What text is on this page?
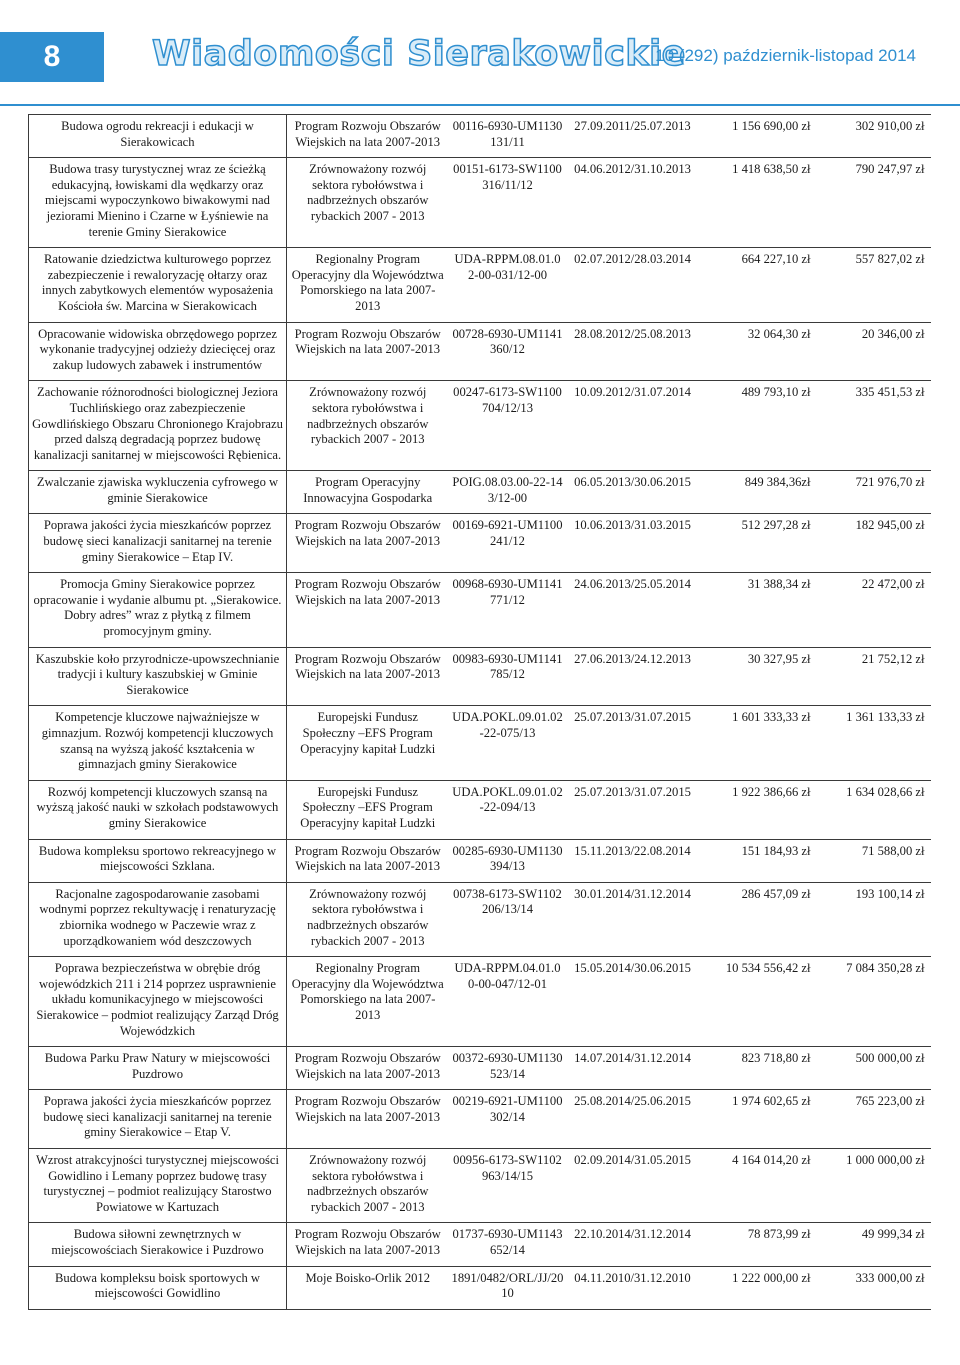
8	Wiadomości Sierakowickie
10 (292) październik-listopad 2014
Budowa ogrodu rekreacji i edukacji w Sierakowicach	Program Rozwoju Obszarów Wiejskich na lata 2007-2013	00116-6930-UM1130131/11	27.09.2011/25.07.2013	1 156 690,00 zł	302 910,00 zł
Budowa trasy turystycznej wraz ze ścieżką edukacyjną, łowiskami dla wędkarzy oraz miejscami wypoczynkowo biwakowymi nad jeziorami Mienino i Czarne w Łyśniewie na terenie Gminy Sierakowice	Zrównoważony rozwój sektora rybołówstwa i nadbrzeżnych obszarów rybackich 2007 - 2013	00151-6173-SW1100316/11/12	04.06.2012/31.10.2013	1 418 638,50 zł	790 247,97 zł
Ratowanie dziedzictwa kulturowego poprzez zabezpieczenie i rewaloryzację ołtarzy oraz innych zabytkowych elementów wyposażenia Kościoła św. Marcina w Sierakowicach	Regionalny Program Operacyjny dla Województwa Pomorskiego na lata 2007-2013	UDA-RPPM.08.01.02-00-031/12-00	02.07.2012/28.03.2014	664 227,10 zł	557 827,02 zł
Opracowanie widowiska obrzędowego poprzez wykonanie tradycyjnej odzieży dziecięcej oraz zakup ludowych zabawek i instrumentów	Program Rozwoju Obszarów Wiejskich na lata 2007-2013	00728-6930-UM1141360/12	28.08.2012/25.08.2013	32 064,30 zł	20 346,00 zł
Zachowanie różnorodności biologicznej Jeziora Tuchlińskiego oraz zabezpieczenie Gowdlińskiego Obszaru Chronionego Krajobrazu przed dalszą degradacją poprzez budowę kanalizacji sanitarnej w miejscowości Rębienica.	Zrównoważony rozwój sektora rybołówstwa i nadbrzeżnych obszarów rybackich 2007 - 2013	00247-6173-SW1100704/12/13	10.09.2012/31.07.2014	489 793,10 zł	335 451,53 zł
Zwalczanie zjawiska wykluczenia cyfrowego w gminie Sierakowice	Program Operacyjny Innowacyjna Gospodarka	POIG.08.03.00-22-143/12-00	06.05.2013/30.06.2015	849 384,36zł	721 976,70 zł
Poprawa jakości życia mieszkańców poprzez budowę sieci kanalizacji sanitarnej na terenie gminy Sierakowice – Etap IV.	Program Rozwoju Obszarów Wiejskich na lata 2007-2013	00169-6921-UM1100241/12	10.06.2013/31.03.2015	512 297,28 zł	182 945,00 zł
Promocja Gminy Sierakowice poprzez opracowanie i wydanie albumu pt. „Sierakowice. Dobry adres” wraz z płytką z filmem promocyjnym gminy.	Program Rozwoju Obszarów Wiejskich na lata 2007-2013	00968-6930-UM1141771/12	24.06.2013/25.05.2014	31 388,34 zł	22 472,00 zł
Kaszubskie koło przyrodnicze-upowszechnianie tradycji i kultury kaszubskiej w Gminie Sierakowice	Program Rozwoju Obszarów Wiejskich na lata 2007-2013	00983-6930-UM1141785/12	27.06.2013/24.12.2013	30 327,95 zł	21 752,12 zł
Kompetencje kluczowe najważniejsze w gimnazjum. Rozwój kompetencji kluczowych szansą na wyższą jakość kształcenia w gimnazjach gminy Sierakowice	Europejski Fundusz Społeczny –EFS Program Operacyjny kapitał Ludzki	UDA.POKL.09.01.02-22-075/13	25.07.2013/31.07.2015	1 601 333,33 zł	1 361 133,33 zł
Rozwój kompetencji kluczowych szansą na wyższą jakość nauki w szkołach podstawowych gminy Sierakowice	Europejski Fundusz Społeczny –EFS Program Operacyjny kapitał Ludzki	UDA.POKL.09.01.02-22-094/13	25.07.2013/31.07.2015	1 922 386,66 zł	1 634 028,66 zł
Budowa kompleksu sportowo rekreacyjnego w miejscowości Szklana.	Program Rozwoju Obszarów Wiejskich na lata 2007-2013	00285-6930-UM1130394/13	15.11.2013/22.08.2014	151 184,93 zł	71 588,00 zł
Racjonalne zagospodarowanie zasobami wodnymi poprzez rekultywację i renaturyzację zbiornika wodnego w Paczewie wraz z uporządkowaniem wód deszczowych	Zrównoważony rozwój sektora rybołówstwa i nadbrzeżnych obszarów rybackich 2007 - 2013	00738-6173-SW1102206/13/14	30.01.2014/31.12.2014	286 457,09 zł	193 100,14 zł
Poprawa bezpieczeństwa w obrębie dróg wojewódzkich 211 i 214 poprzez usprawnienie układu komunikacyjnego w miejscowości Sierakowice – podmiot realizujący Zarząd Dróg Wojewódzkich	Regionalny Program Operacyjny dla Województwa Pomorskiego na lata 2007-2013	UDA-RPPM.04.01.00-00-047/12-01	15.05.2014/30.06.2015	10 534 556,42 zł	7 084 350,28 zł
Budowa Parku Praw Natury w miejscowości Puzdrowo	Program Rozwoju Obszarów Wiejskich na lata 2007-2013	00372-6930-UM1130523/14	14.07.2014/31.12.2014	823 718,80 zł	500 000,00 zł
Poprawa jakości życia mieszkańców poprzez budowę sieci kanalizacji sanitarnej na terenie gminy Sierakowice – Etap V.	Program Rozwoju Obszarów Wiejskich na lata 2007-2013	00219-6921-UM1100302/14	25.08.2014/25.06.2015	1 974 602,65 zł	765 223,00 zł
Wzrost atrakcyjności turystycznej miejscowości Gowidlino i Lemany poprzez budowę trasy turystycznej – podmiot realizujący Starostwo Powiatowe w Kartuzach	Zrównoważony rozwój sektora rybołówstwa i nadbrzeżnych obszarów rybackich 2007 - 2013	00956-6173-SW1102963/14/15	02.09.2014/31.05.2015	4 164 014,20 zł	1 000 000,00 zł
Budowa siłowni zewnętrznych w miejscowościach Sierakowice i Puzdrowo	Program Rozwoju Obszarów Wiejskich na lata 2007-2013	01737-6930-UM1143652/14	22.10.2014/31.12.2014	78 873,99 zł	49 999,34 zł
Budowa kompleksu boisk sportowych w miejscowości Gowidlino	Moje Boisko-Orlik 2012	1891/0482/ORL/JJ/2010	04.11.2010/31.12.2010	1 222 000,00 zł	333 000,00 zł
